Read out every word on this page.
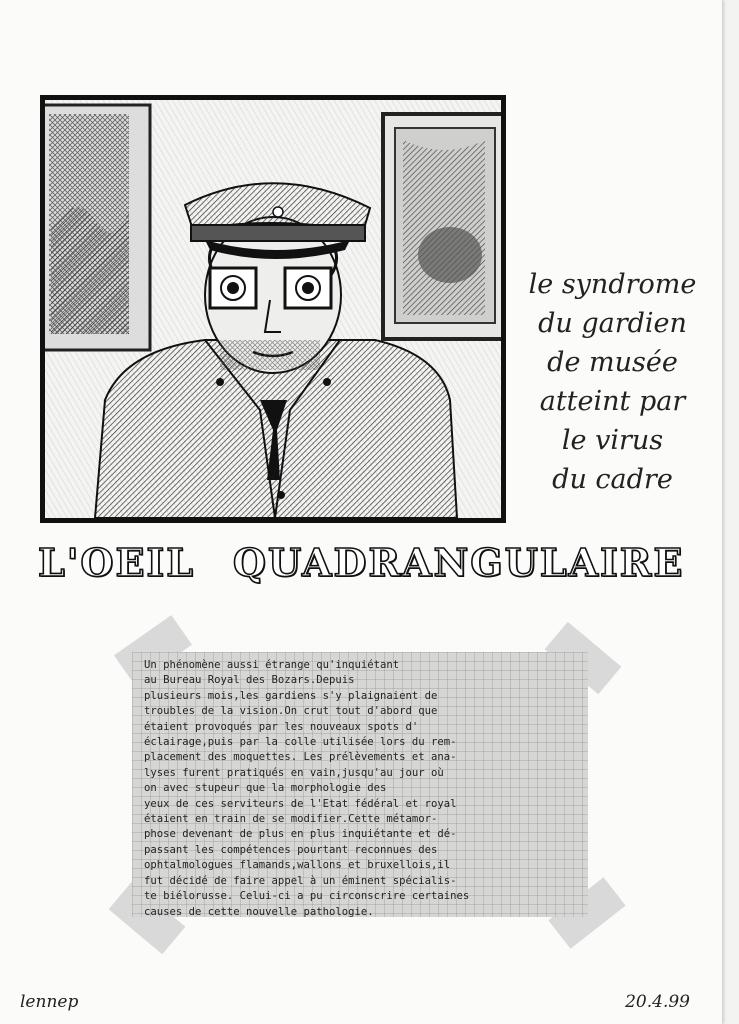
le syndrome
du gardien
de musée
atteint par
le virus
du cadre
L'OEIL QUADRANGULAIRE
Un phénomène aussi étrange qu'inquiétant
au Bureau Royal des Bozars.Depuis
plusieurs mois,les gardiens s'y plaignaient de
troubles de la vision.On crut tout d'abord que
étaient provoqués par les nouveaux spots d'
éclairage,puis par la colle utilisée lors du rem-
placement des moquettes. Les prélèvements et ana-
lyses furent pratiqués en vain,jusqu'au jour où
on avec stupeur que la morphologie des
yeux de ces serviteurs de l'Etat fédéral et royal
étaient en train de se modifier.Cette métamor-
phose devenant de plus en plus inquiétante et dé-
passant les compétences pourtant reconnues des
ophtalmologues flamands,wallons et bruxellois,il
fut décidé de faire appel à un éminent spécialis-
te biélorusse. Celui-ci a pu circonscrire certaines
causes de cette nouvelle pathologie.
lennep	20.4.99
